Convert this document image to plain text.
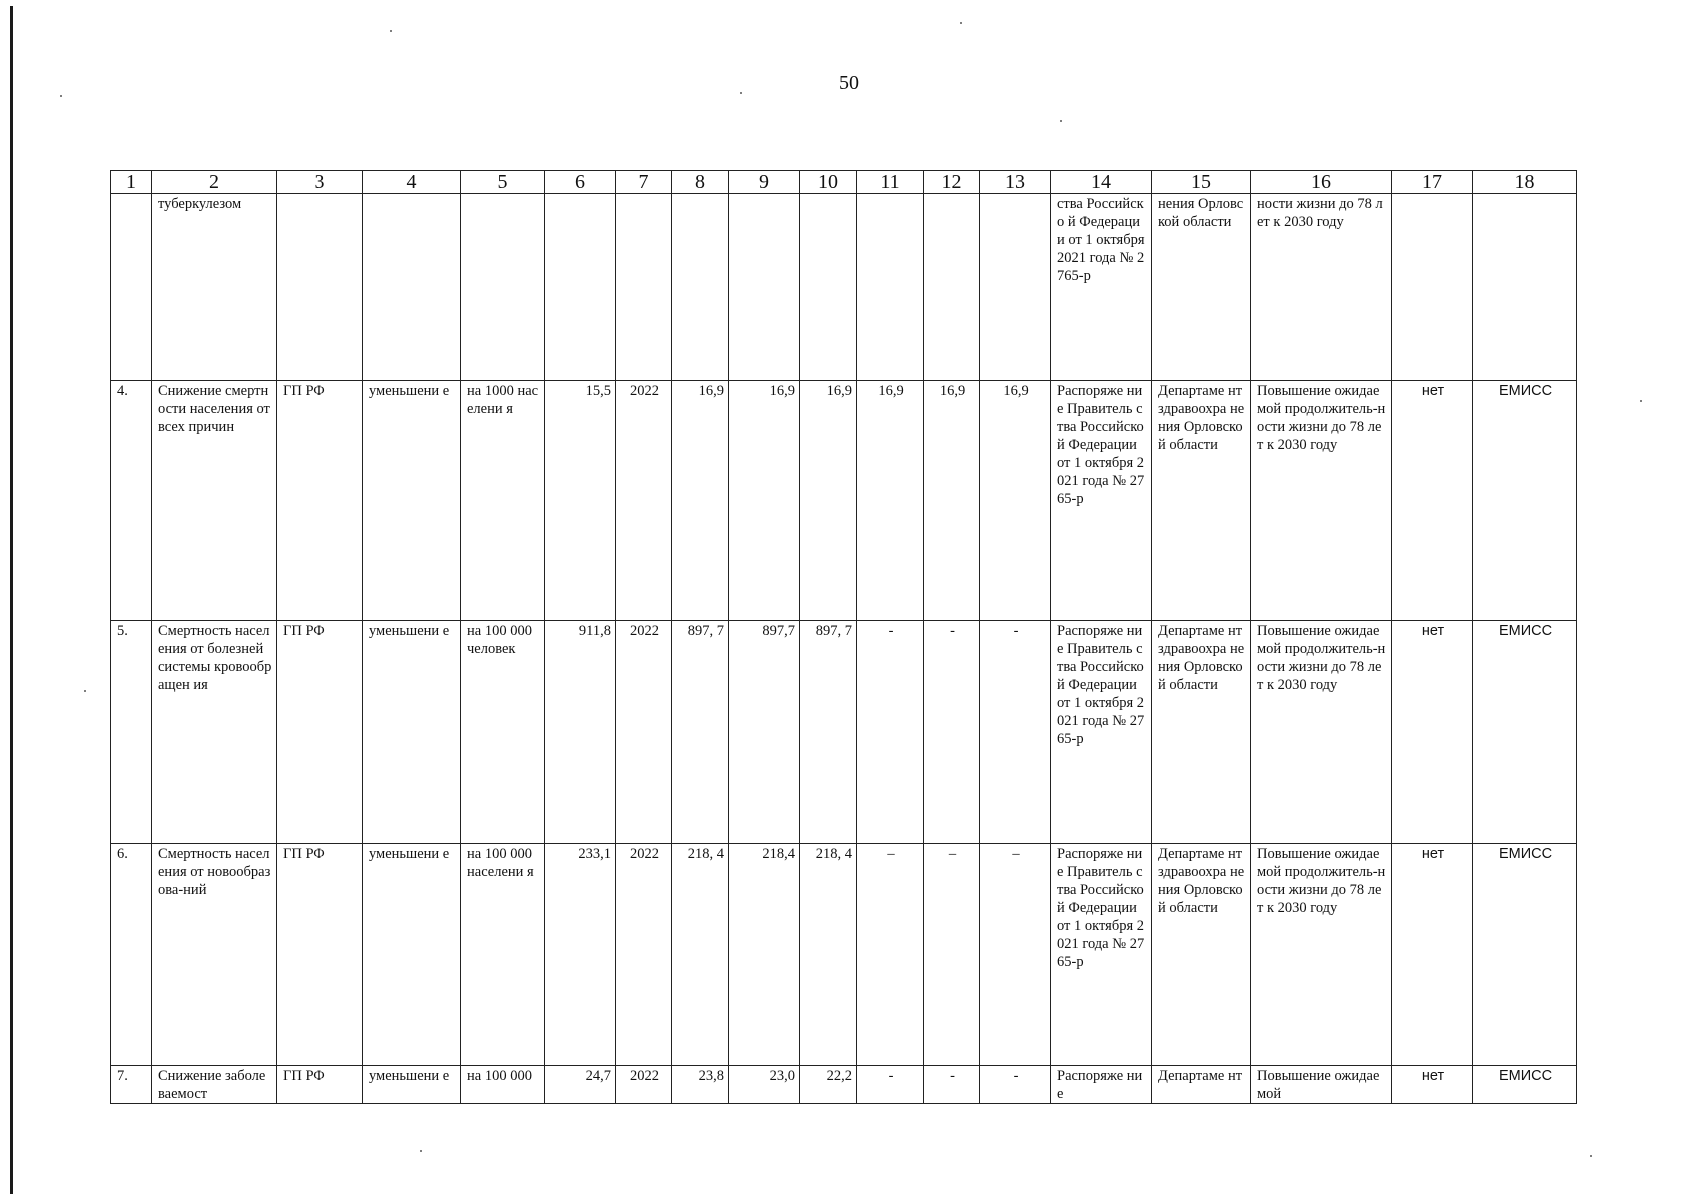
50
1	2	3	4	5	6	7	8	9	10	11	12	13	14	15	16	17	18
	туберкулезом												ства Российско й Федерации от 1 октября 2021 года № 2765-р	нения Орловской области	ности жизни до 78 лет к 2030 году		
4.	Снижение смертности населения от всех причин	ГП РФ	уменьшени е	на 1000 населени я	15,5	2022	16,9	16,9	16,9	16,9	16,9	16,9	Распоряже ние Правитель ства Российско й Федерации от 1 октября 2021 года № 2765-р	Департаме нт здравоохра нения Орловской области	Повышение ожидаемой продолжитель-ности жизни до 78 лет к 2030 году	нет	ЕМИСС
5.	Смертность населения от болезней системы кровообращен ия	ГП РФ	уменьшени е	на 100 000 человек	911,8	2022	897, 7	897,7	897, 7	-	-	-	Распоряже ние Правитель ства Российско й Федерации от 1 октября 2021 года № 2765-р	Департаме нт здравоохра нения Орловской области	Повышение ожидаемой продолжитель-ности жизни до 78 лет к 2030 году	нет	ЕМИСС
6.	Смертность населения от новообразова-ний	ГП РФ	уменьшени е	на 100 000 населени я	233,1	2022	218, 4	218,4	218, 4	–	–	–	Распоряже ние Правитель ства Российско й Федерации от 1 октября 2021 года № 2765-р	Департаме нт здравоохра нения Орловской области	Повышение ожидаемой продолжитель-ности жизни до 78 лет к 2030 году	нет	ЕМИСС
7.	Снижение заболеваемост	ГП РФ	уменьшени е	на 100 000	24,7	2022	23,8	23,0	22,2	-	-	-	Распоряже ние	Департаме нт	Повышение ожидаемой	нет	ЕМИСС
